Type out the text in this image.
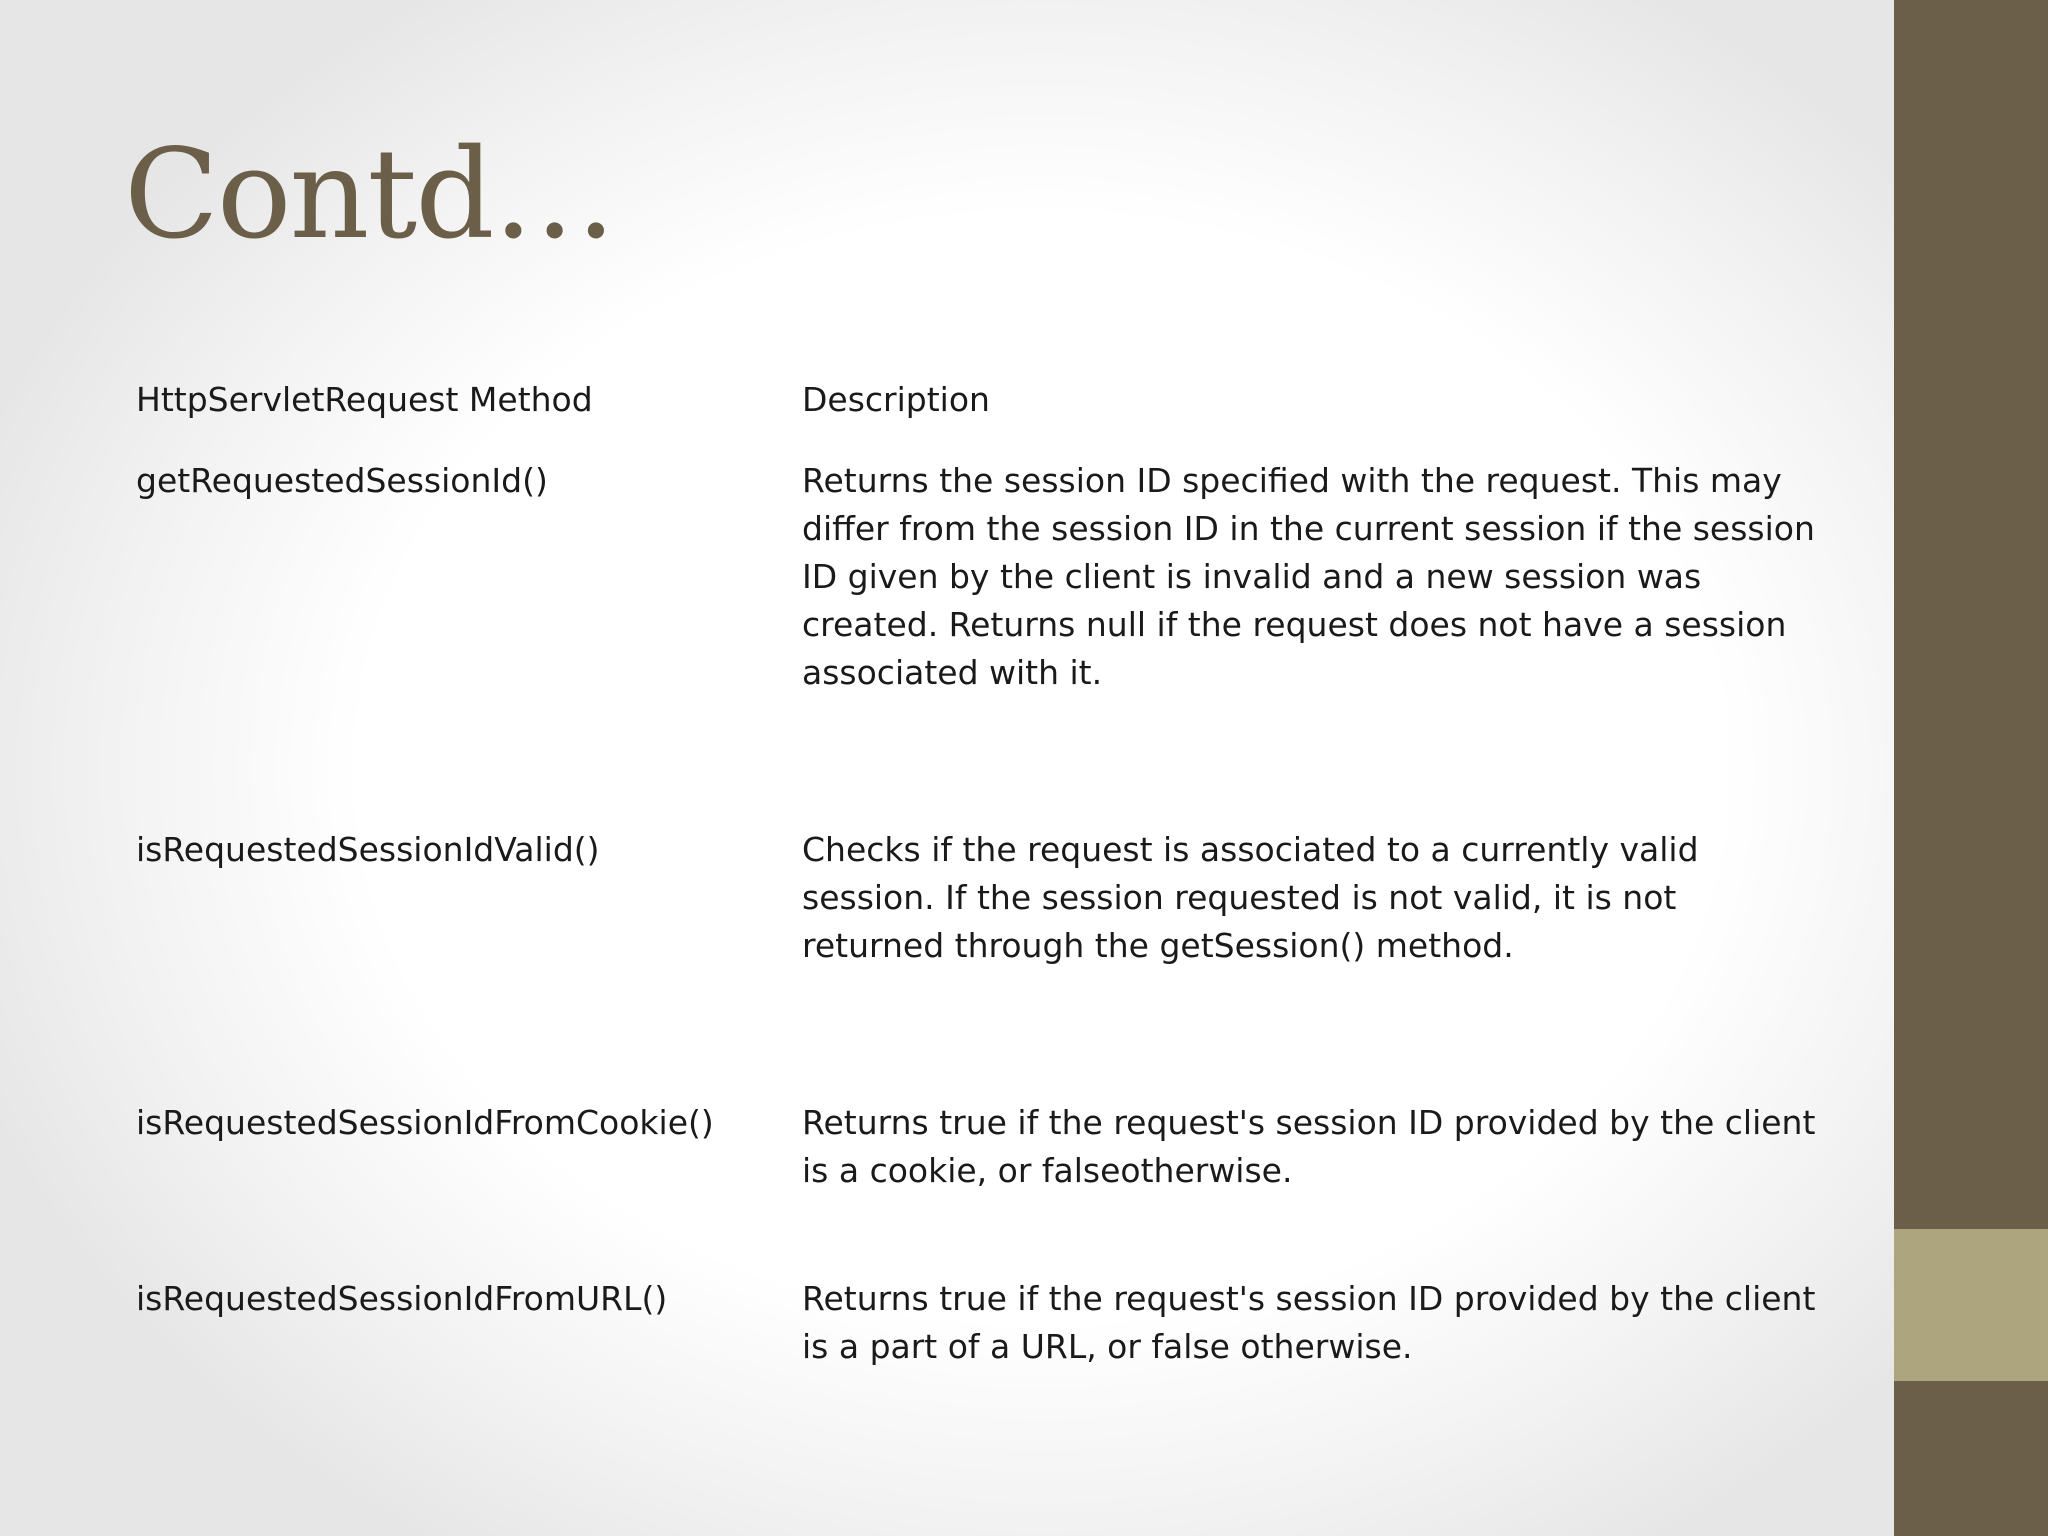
Contd…

HttpServletRequest Method	Description

getRequestedSessionId()	Returns the session ID specified with the request. This may differ from the session ID in the current session if the session ID given by the client is invalid and a new session was created. Returns null if the request does not have a session associated with it.

isRequestedSessionIdValid()	Checks if the request is associated to a currently valid session. If the session requested is not valid, it is not returned through the getSession() method.

isRequestedSessionIdFromCookie()	Returns true if the request's session ID provided by the client is a cookie, or falseotherwise.

isRequestedSessionIdFromURL()	Returns true if the request's session ID provided by the client is a part of a URL, or false otherwise.
